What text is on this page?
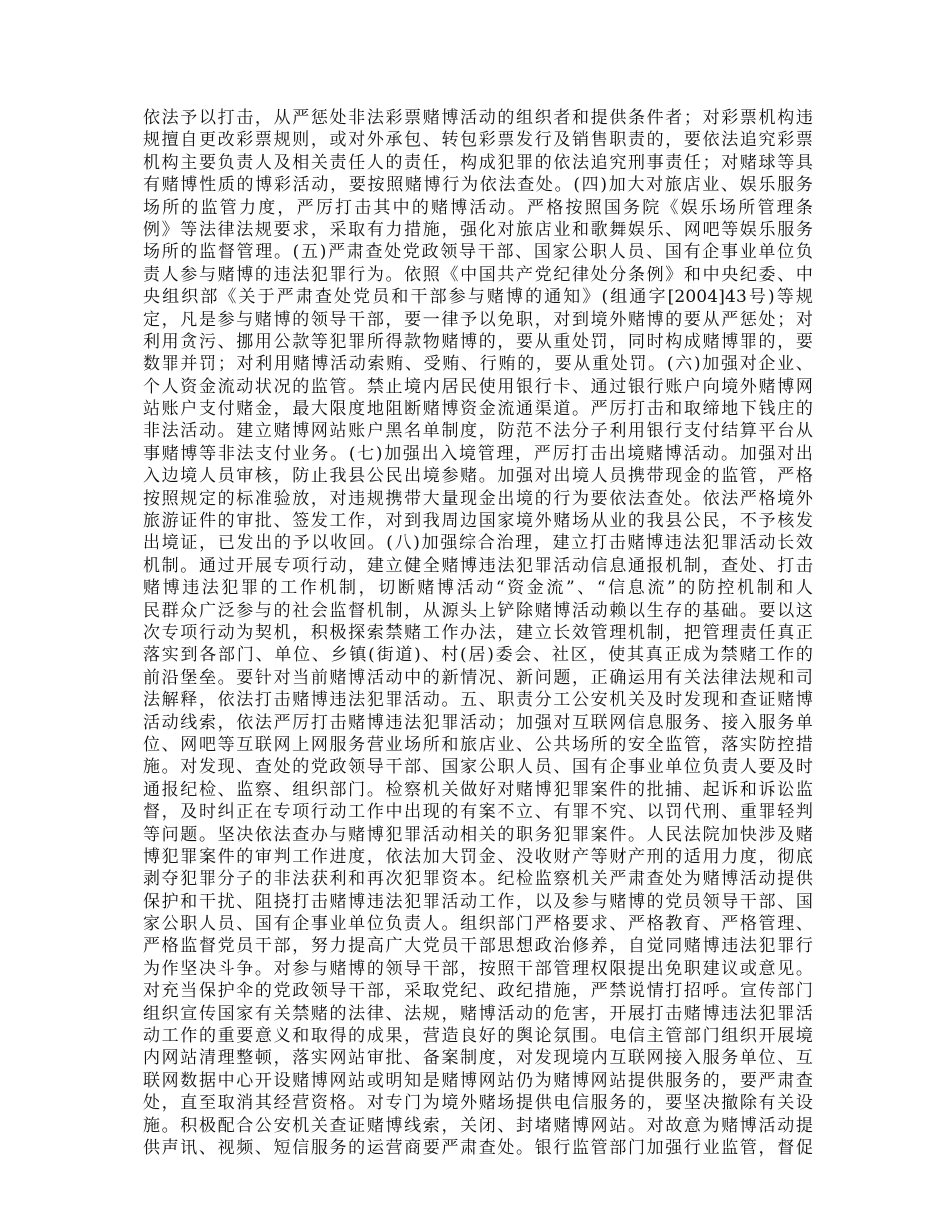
依法予以打击，从严惩处非法彩票赌博活动的组织者和提供条件者；对彩票机构违
规擅自更改彩票规则，或对外承包、转包彩票发行及销售职责的，要依法追究彩票
机构主要负责人及相关责任人的责任，构成犯罪的依法追究刑事责任；对赌球等具
有赌博性质的博彩活动，要按照赌博行为依法查处。(四)加大对旅店业、娱乐服务
场所的监管力度，严厉打击其中的赌博活动。严格按照国务院《娱乐场所管理条
例》等法律法规要求，采取有力措施，强化对旅店业和歌舞娱乐、网吧等娱乐服务
场所的监督管理。(五)严肃查处党政领导干部、国家公职人员、国有企事业单位负
责人参与赌博的违法犯罪行为。依照《中国共产党纪律处分条例》和中央纪委、中
央组织部《关于严肃查处党员和干部参与赌博的通知》(组通字[2004]43号)等规
定，凡是参与赌博的领导干部，要一律予以免职，对到境外赌博的要从严惩处；对
利用贪污、挪用公款等犯罪所得款物赌博的，要从重处罚，同时构成赌博罪的，要
数罪并罚；对利用赌博活动索贿、受贿、行贿的，要从重处罚。(六)加强对企业、
个人资金流动状况的监管。禁止境内居民使用银行卡、通过银行账户向境外赌博网
站账户支付赌金，最大限度地阻断赌博资金流通渠道。严厉打击和取缔地下钱庄的
非法活动。建立赌博网站账户黑名单制度，防范不法分子利用银行支付结算平台从
事赌博等非法支付业务。(七)加强出入境管理，严厉打击出境赌博活动。加强对出
入边境人员审核，防止我县公民出境参赌。加强对出境人员携带现金的监管，严格
按照规定的标准验放，对违规携带大量现金出境的行为要依法查处。依法严格境外
旅游证件的审批、签发工作，对到我周边国家境外赌场从业的我县公民，不予核发
出境证，已发出的予以收回。(八)加强综合治理，建立打击赌博违法犯罪活动长效
机制。通过开展专项行动，建立健全赌博违法犯罪活动信息通报机制，查处、打击
赌博违法犯罪的工作机制，切断赌博活动“资金流”、“信息流”的防控机制和人
民群众广泛参与的社会监督机制，从源头上铲除赌博活动赖以生存的基础。要以这
次专项行动为契机，积极探索禁赌工作办法，建立长效管理机制，把管理责任真正
落实到各部门、单位、乡镇(街道)、村(居)委会、社区，使其真正成为禁赌工作的
前沿堡垒。要针对当前赌博活动中的新情况、新问题，正确运用有关法律法规和司
法解释，依法打击赌博违法犯罪活动。五、职责分工公安机关及时发现和查证赌博
活动线索，依法严厉打击赌博违法犯罪活动；加强对互联网信息服务、接入服务单
位、网吧等互联网上网服务营业场所和旅店业、公共场所的安全监管，落实防控措
施。对发现、查处的党政领导干部、国家公职人员、国有企事业单位负责人要及时
通报纪检、监察、组织部门。检察机关做好对赌博犯罪案件的批捕、起诉和诉讼监
督，及时纠正在专项行动工作中出现的有案不立、有罪不究、以罚代刑、重罪轻判
等问题。坚决依法查办与赌博犯罪活动相关的职务犯罪案件。人民法院加快涉及赌
博犯罪案件的审判工作进度，依法加大罚金、没收财产等财产刑的适用力度，彻底
剥夺犯罪分子的非法获利和再次犯罪资本。纪检监察机关严肃查处为赌博活动提供
保护和干扰、阻挠打击赌博违法犯罪活动工作，以及参与赌博的党员领导干部、国
家公职人员、国有企事业单位负责人。组织部门严格要求、严格教育、严格管理、
严格监督党员干部，努力提高广大党员干部思想政治修养，自觉同赌博违法犯罪行
为作坚决斗争。对参与赌博的领导干部，按照干部管理权限提出免职建议或意见。
对充当保护伞的党政领导干部，采取党纪、政纪措施，严禁说情打招呼。宣传部门
组织宣传国家有关禁赌的法律、法规，赌博活动的危害，开展打击赌博违法犯罪活
动工作的重要意义和取得的成果，营造良好的舆论氛围。电信主管部门组织开展境
内网站清理整顿，落实网站审批、备案制度，对发现境内互联网接入服务单位、互
联网数据中心开设赌博网站或明知是赌博网站仍为赌博网站提供服务的，要严肃查
处，直至取消其经营资格。对专门为境外赌场提供电信服务的，要坚决撤除有关设
施。积极配合公安机关查证赌博线索，关闭、封堵赌博网站。对故意为赌博活动提
供声讯、视频、短信服务的运营商要严肃查处。银行监管部门加强行业监管，督促
